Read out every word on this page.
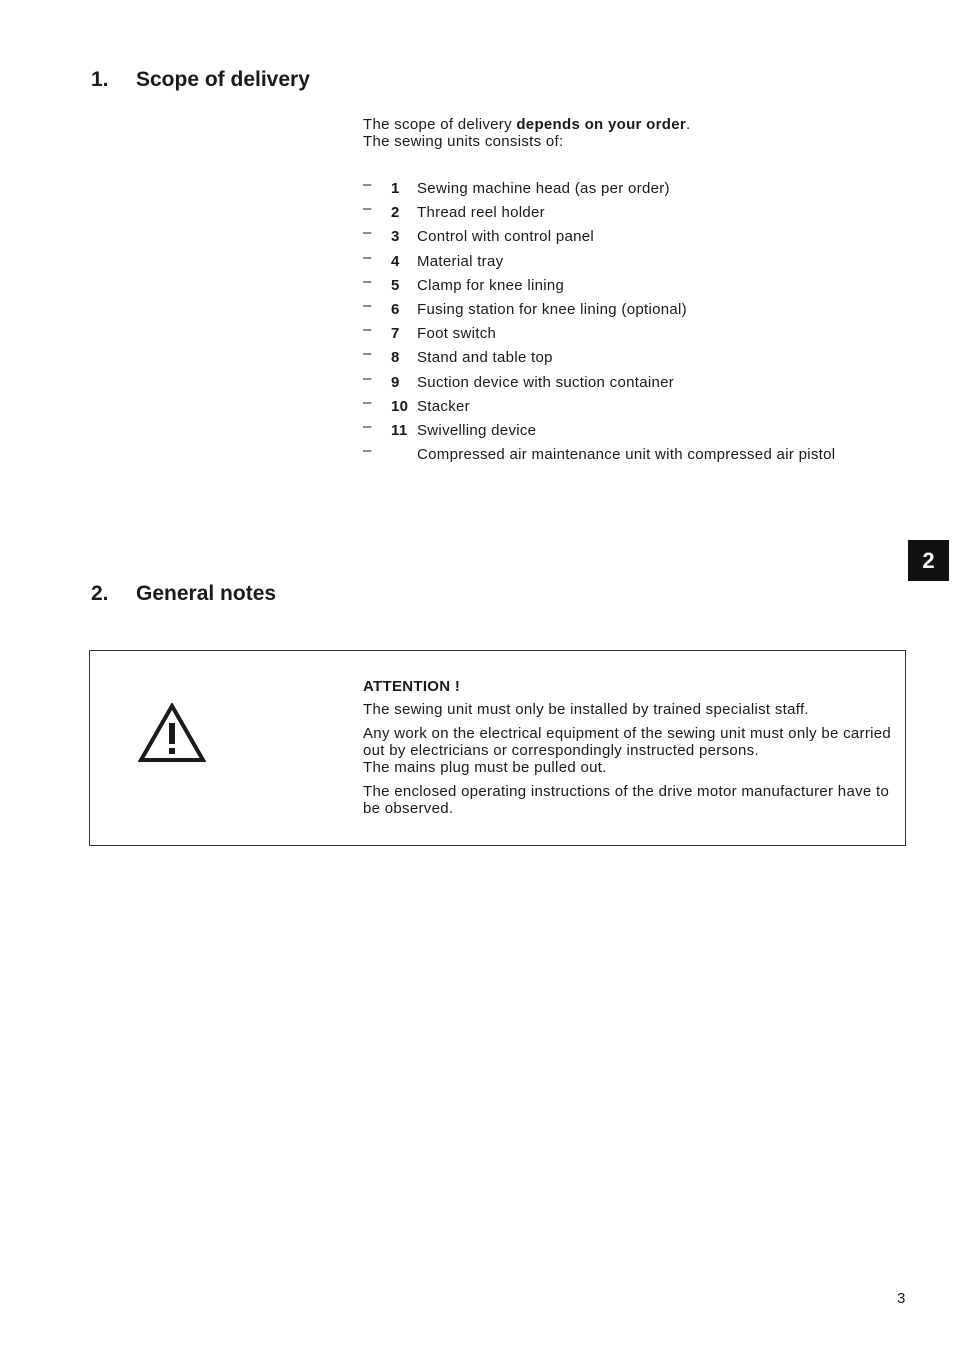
1.	Scope of delivery
The scope of delivery depends on your order.
The sewing units consists of:
– 1 Sewing machine head (as per order)
– 2 Thread reel holder
– 3 Control with control panel
– 4 Material tray
– 5 Clamp for knee lining
– 6 Fusing station for knee lining (optional)
– 7 Foot switch
– 8 Stand and table top
– 9 Suction device with suction container
– 10 Stacker
– 11 Swivelling device
–	Compressed air maintenance unit with compressed air pistol
2
2.	General notes
ATTENTION !

The sewing unit must only be installed by trained specialist staff.

Any work on the electrical equipment of the sewing unit must only be carried out by electricians or correspondingly instructed persons.
The mains plug must be pulled out.

The enclosed operating instructions of the drive motor manufacturer have to be observed.

3
